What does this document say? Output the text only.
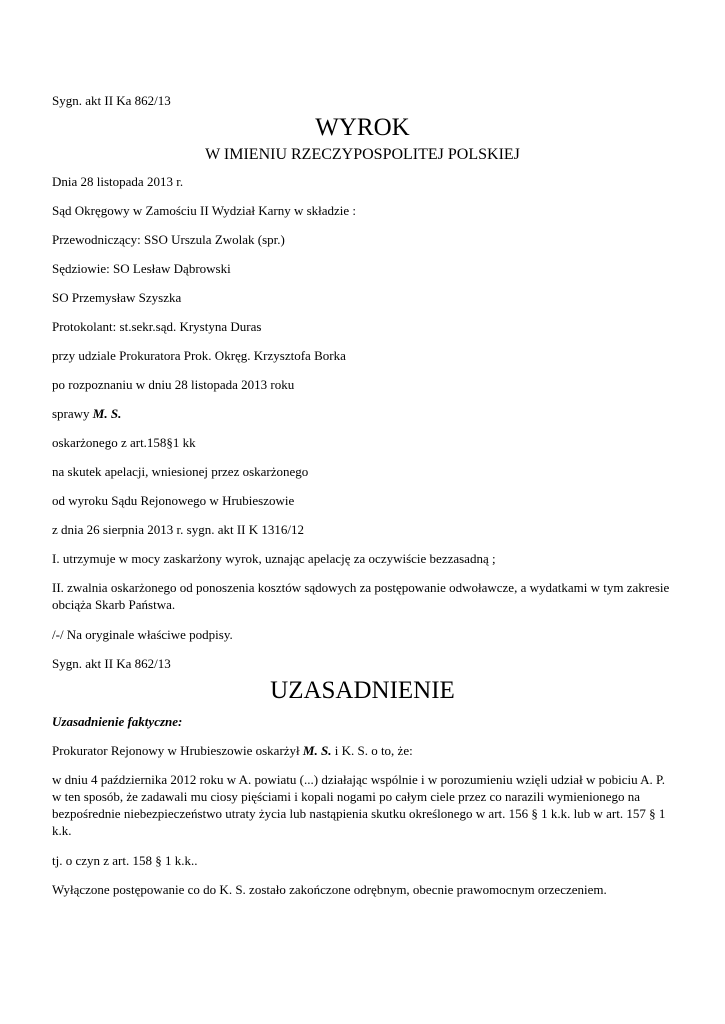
Sygn. akt II Ka 862/13
WYROK
W IMIENIU RZECZYPOSPOLITEJ POLSKIEJ
Dnia 28 listopada 2013 r.
Sąd Okręgowy w Zamościu II Wydział Karny w składzie :
Przewodniczący: SSO Urszula Zwolak (spr.)
Sędziowie: SO Lesław Dąbrowski
SO Przemysław Szyszka
Protokolant: st.sekr.sąd. Krystyna Duras
przy udziale Prokuratora Prok. Okręg. Krzysztofa Borka
po rozpoznaniu w dniu 28 listopada 2013 roku
sprawy M. S.
oskarżonego z art.158§1 kk
na skutek apelacji, wniesionej przez oskarżonego
od wyroku Sądu Rejonowego w Hrubieszowie
z dnia 26 sierpnia 2013 r. sygn. akt II K 1316/12
I. utrzymuje w mocy zaskarżony wyrok, uznając apelację za oczywiście bezzasadną ;
II. zwalnia oskarżonego od ponoszenia kosztów sądowych za postępowanie odwoławcze, a wydatkami w tym zakresie obciąża Skarb Państwa.
/-/ Na oryginale właściwe podpisy.
Sygn. akt II Ka 862/13
UZASADNIENIE
Uzasadnienie faktyczne:
Prokurator Rejonowy w Hrubieszowie oskarżył M. S. i K. S. o to, że:
w dniu 4 października 2012 roku w A. powiatu (...) działając wspólnie i w porozumieniu wzięli udział w pobiciu A. P. w ten sposób, że zadawali mu ciosy pięściami i kopali nogami po całym ciele przez co narazili wymienionego na bezpośrednie niebezpieczeństwo utraty życia lub nastąpienia skutku określonego w art. 156 § 1 k.k. lub w art. 157 § 1 k.k.
tj. o czyn z art. 158 § 1 k.k..
Wyłączone postępowanie co do K. S. zostało zakończone odrębnym, obecnie prawomocnym orzeczeniem.
